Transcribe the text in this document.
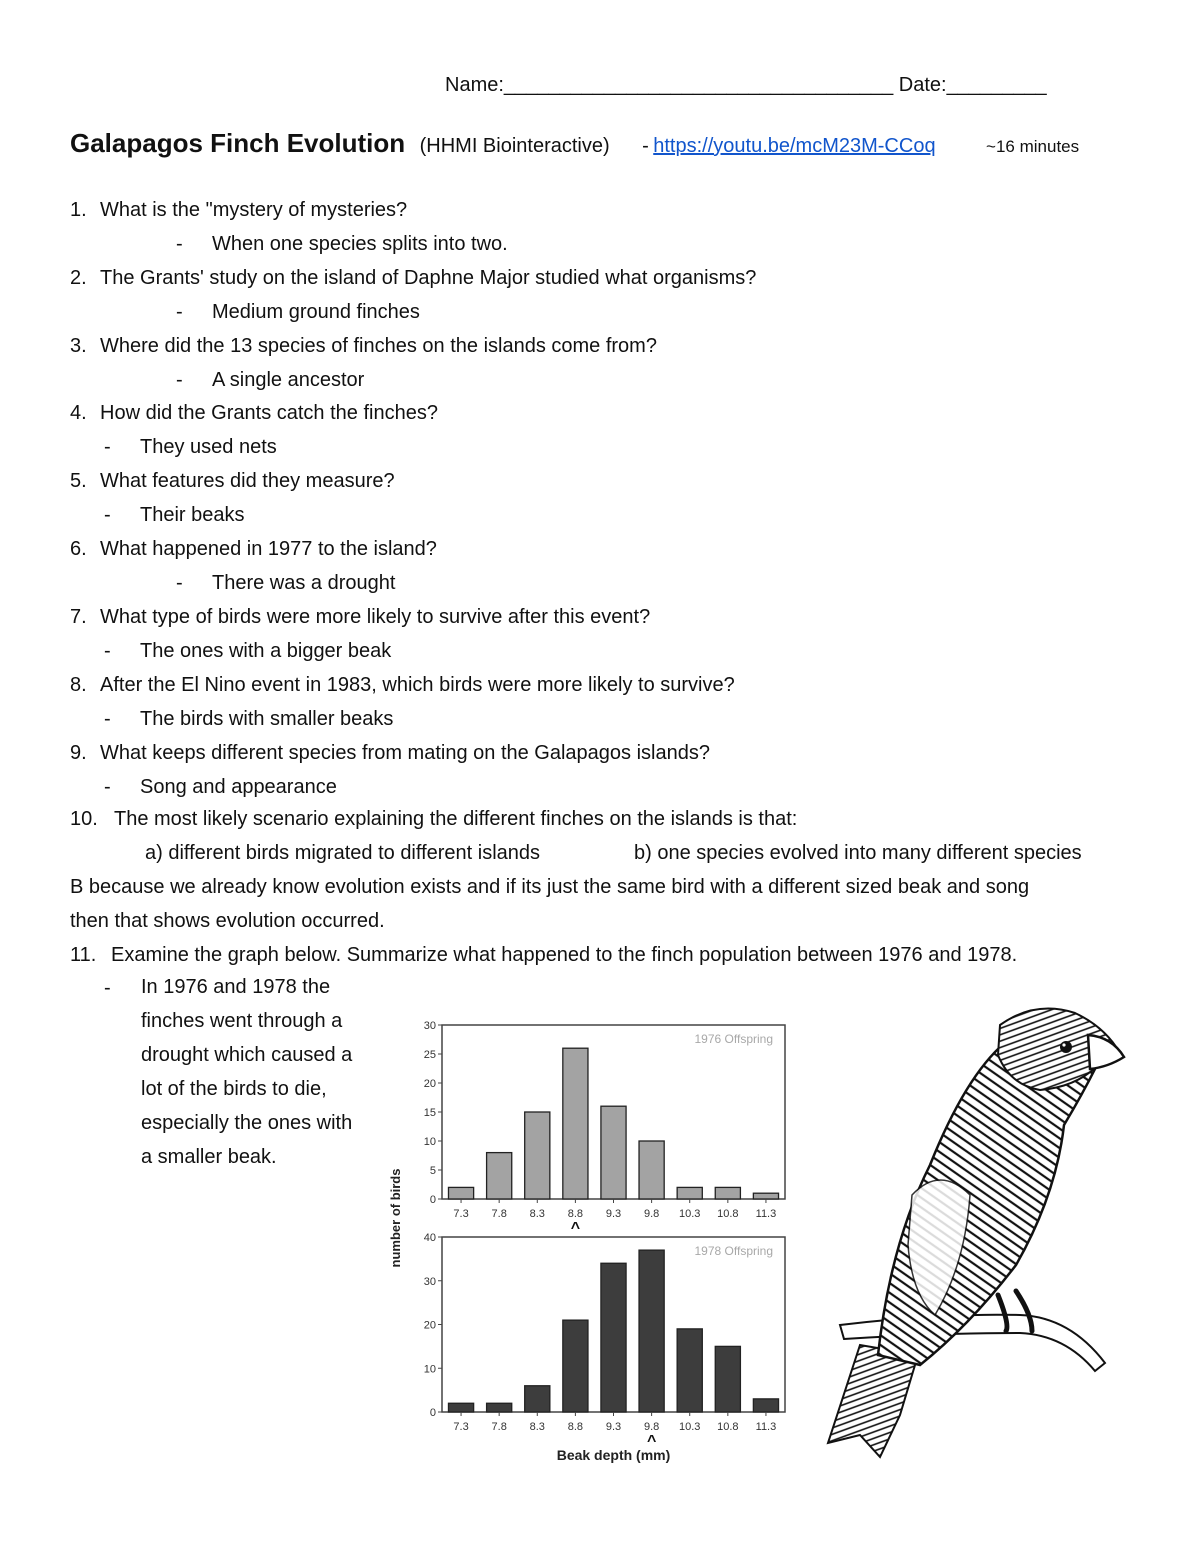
Name:___________________________________ Date:_________
Galapagos Finch Evolution (HHMI Biointeractive) - https://youtu.be/mcM23M-CCoq	~16 minutes
1. What is the "mystery of mysteries?
- When one species splits into two.
2. The Grants' study on the island of Daphne Major studied what organisms?
- Medium ground finches
3. Where did the 13 species of finches on the islands come from?
- A single ancestor
4. How did the Grants catch the finches?
- They used nets
5. What features did they measure?
- Their beaks
6. What happened in 1977 to the island?
- There was a drought
7. What type of birds were more likely to survive after this event?
- The ones with a bigger beak
8. After the El Nino event in 1983, which birds were more likely to survive?
- The birds with smaller beaks
9. What keeps different species from mating on the Galapagos islands?
- Song and appearance
10. The most likely scenario explaining the different finches on the islands is that:
a) different birds migrated to different islands	b) one species evolved into many different species
B because we already know evolution exists and if its just the same bird with a different sized beak and song
then that shows evolution occurred.
11. Examine the graph below. Summarize what happened to the finch population between 1976 and 1978.
- In 1976 and 1978 the finches went through a drought which caused a lot of the birds to die, especially the ones with a smaller beak.
0
5
10
15
20
25
30
7.3 7.8 8.3 8.8 9.3 9.8 10.3 10.8 11.3
^
1976 Offspring
0
10
20
30
40
7.3 7.8 8.3 8.8 9.3 9.8 10.3 10.8 11.3
^
1978 Offspring
number of birds
Beak depth (mm)
